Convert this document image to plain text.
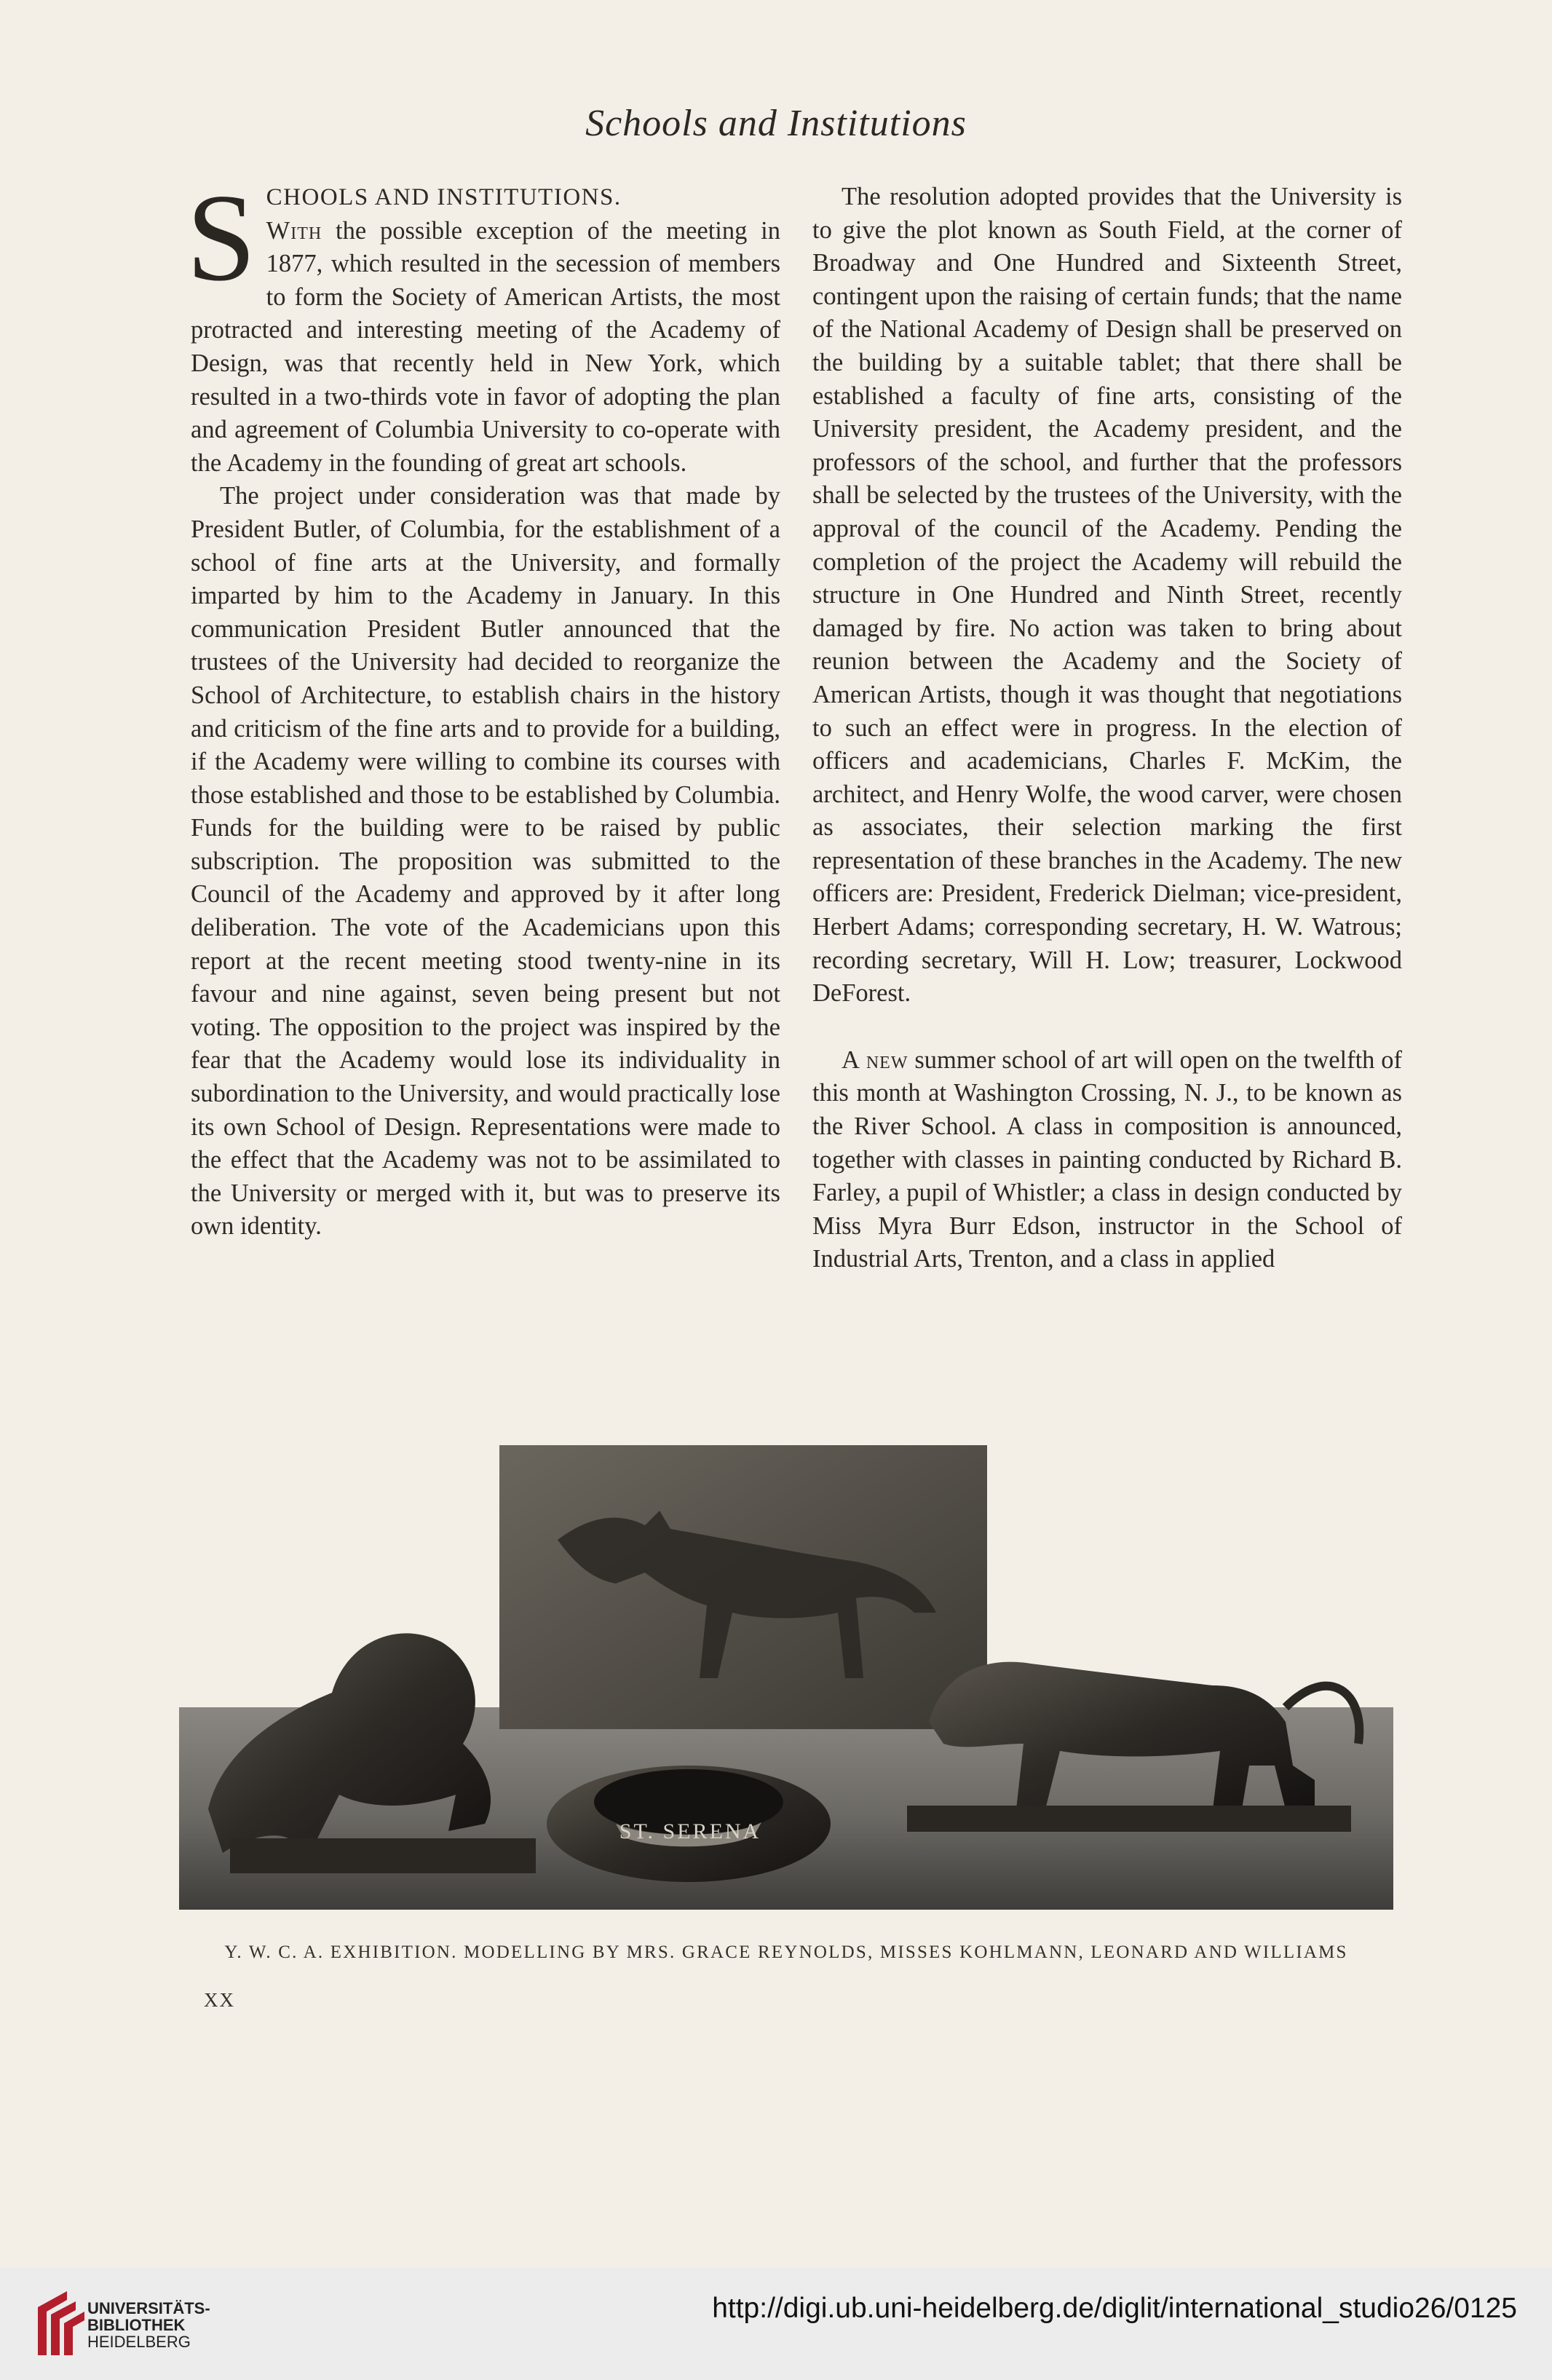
Schools and Institutions

SCHOOLS AND INSTITUTIONS.
With the possible exception of the meeting in 1877, which resulted in the secession of members to form the Society of American Artists, the most protracted and interesting meeting of the Academy of Design, was that recently held in New York, which resulted in a two-thirds vote in favor of adopting the plan and agreement of Columbia University to co-operate with the Academy in the founding of great art schools.

The project under consideration was that made by President Butler, of Columbia, for the establishment of a school of fine arts at the University, and formally imparted by him to the Academy in January. In this communication President Butler announced that the trustees of the University had decided to reorganize the School of Architecture, to establish chairs in the history and criticism of the fine arts and to provide for a building, if the Academy were willing to combine its courses with those established and those to be established by Columbia. Funds for the building were to be raised by public subscription. The proposition was submitted to the Council of the Academy and approved by it after long deliberation. The vote of the Academicians upon this report at the recent meeting stood twenty-nine in its favour and nine against, seven being present but not voting. The opposition to the project was inspired by the fear that the Academy would lose its individuality in subordination to the University, and would practically lose its own School of Design. Representations were made to the effect that the Academy was not to be assimilated to the University or merged with it, but was to preserve its own identity.

The resolution adopted provides that the University is to give the plot known as South Field, at the corner of Broadway and One Hundred and Sixteenth Street, contingent upon the raising of certain funds; that the name of the National Academy of Design shall be preserved on the building by a suitable tablet; that there shall be established a faculty of fine arts, consisting of the University president, the Academy president, and the professors of the school, and further that the professors shall be selected by the trustees of the University, with the approval of the council of the Academy. Pending the completion of the project the Academy will rebuild the structure in One Hundred and Ninth Street, recently damaged by fire. No action was taken to bring about reunion between the Academy and the Society of American Artists, though it was thought that negotiations to such an effect were in progress. In the election of officers and academicians, Charles F. McKim, the architect, and Henry Wolfe, the wood carver, were chosen as associates, their selection marking the first representation of these branches in the Academy. The new officers are: President, Frederick Dielman; vice-president, Herbert Adams; corresponding secretary, H. W. Watrous; recording secretary, Will H. Low; treasurer, Lockwood DeForest.

A new summer school of art will open on the twelfth of this month at Washington Crossing, N. J., to be known as the River School. A class in composition is announced, together with classes in painting conducted by Richard B. Farley, a pupil of Whistler; a class in design conducted by Miss Myra Burr Edson, instructor in the School of Industrial Arts, Trenton, and a class in applied

ST. SERENA
Y. W. C. A. EXHIBITION. MODELLING BY MRS. GRACE REYNOLDS, MISSES KOHLMANN, LEONARD AND WILLIAMS
XX
UNIVERSITÄTS-
BIBLIOTHEK
HEIDELBERG
http://digi.ub.uni-heidelberg.de/diglit/international_studio26/0125
